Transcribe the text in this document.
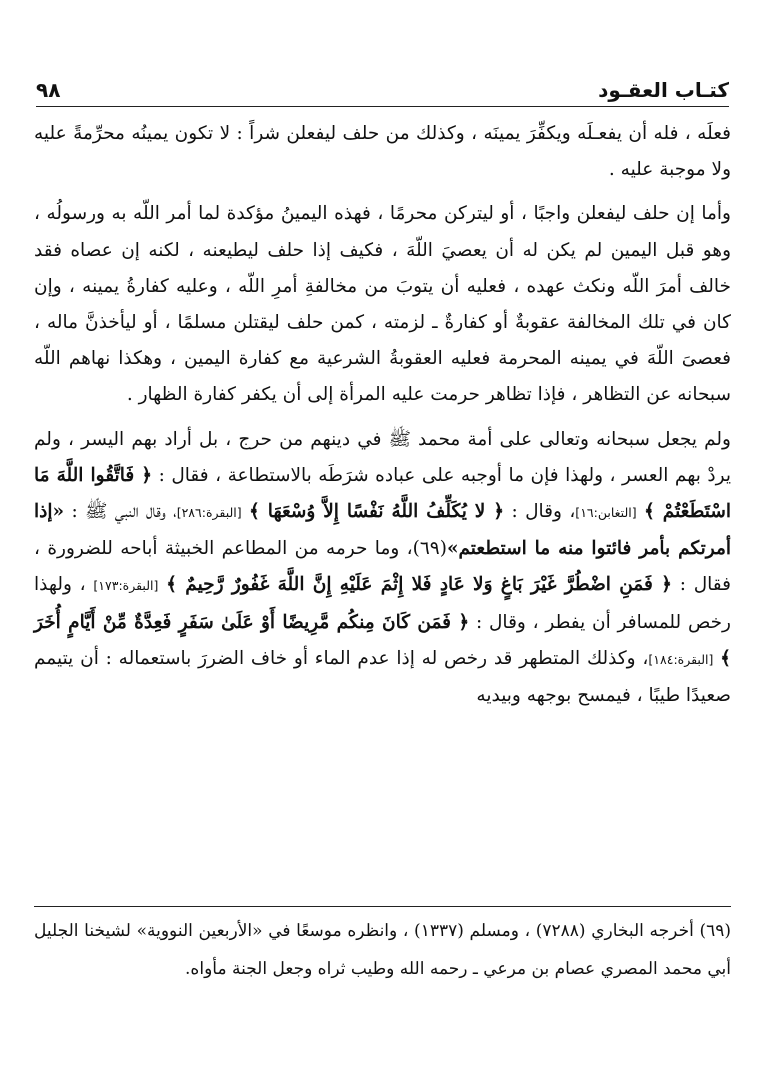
كتـاب العقـود
٩٨

فعلَه ، فله أن يفعـلَه ويكفِّرَ يمينَه ، وكذلك من حلف ليفعلن شراً : لا تكون يمينُه محرِّمةً عليه ولا موجبة عليه .

وأما إن حلف ليفعلن واجبًا ، أو ليتركن محرمًا ، فهذه اليمينُ مؤكدة لما أمر اللّه به ورسولُه ، وهو قبل اليمين لم يكن له أن يعصيَ اللّهَ ، فكيف إذا حلف ليطيعنه ، لكنه إن عصاه فقد خالف أمرَ اللّه ونكث عهده ، فعليه أن يتوبَ من مخالفةِ أمرِ اللّه ، وعليه كفارةُ يمينه ، وإن كان في تلك المخالفة عقوبةٌ أو كفارةٌ ـ لزمته ، كمن حلف ليقتلن مسلمًا ، أو ليأخذنَّ ماله ، فعصىَ اللّهَ في يمينه المحرمة فعليه العقوبةُ الشرعية مع كفارة اليمين ، وهكذا نهاهم اللّه سبحانه عن التظاهر ، فإذا تظاهر حرمت عليه المرأة إلى أن يكفر كفارة الظهار .

ولم يجعل سبحانه وتعالى على أمة محمد ﷺ في دينهم من حرج ، بل أراد بهم اليسر ، ولم يردْ بهم العسر ، ولهذا فإن ما أوجبه على عباده شرَطَه بالاستطاعة ، فقال : ﴿ فَاتَّقُوا اللَّهَ مَا اسْتَطَعْتُمْ ﴾ [التغابن:١٦]، وقال : ﴿ لا يُكَلِّفُ اللَّهُ نَفْسًا إِلاَّ وُسْعَهَا ﴾ [البقرة:٢٨٦]، وقال النبي ﷺ : «إذا أمرتكم بأمر فائتوا منه ما استطعتم»(٦٩)، وما حرمه من المطاعم الخبيثة أباحه للضرورة ، فقال : ﴿ فَمَنِ اضْطُرَّ غَيْرَ بَاغٍ وَلا عَادٍ فَلا إِثْمَ عَلَيْهِ إِنَّ اللَّهَ غَفُورٌ رَّحِيمٌ ﴾ [البقرة:١٧٣] ، ولهذا رخص للمسافر أن يفطر ، وقال : ﴿ فَمَن كَانَ مِنكُم مَّرِيضًا أَوْ عَلَىٰ سَفَرٍ فَعِدَّةٌ مِّنْ أَيَّامٍ أُخَرَ ﴾ [البقرة:١٨٤]، وكذلك المتطهر قد رخص له إذا عدم الماء أو خاف الضررَ باستعماله : أن يتيمم صعيدًا طيبًا ، فيمسح بوجهه وبيديه

(٦٩) أخرجه البخاري (٧٢٨٨) ، ومسلم (١٣٣٧) ، وانظره موسعًا في «الأربعين النووية» لشيخنا الجليل أبي محمد المصري عصام بن مرعي ـ رحمه الله وطيب ثراه وجعل الجنة مأواه.
